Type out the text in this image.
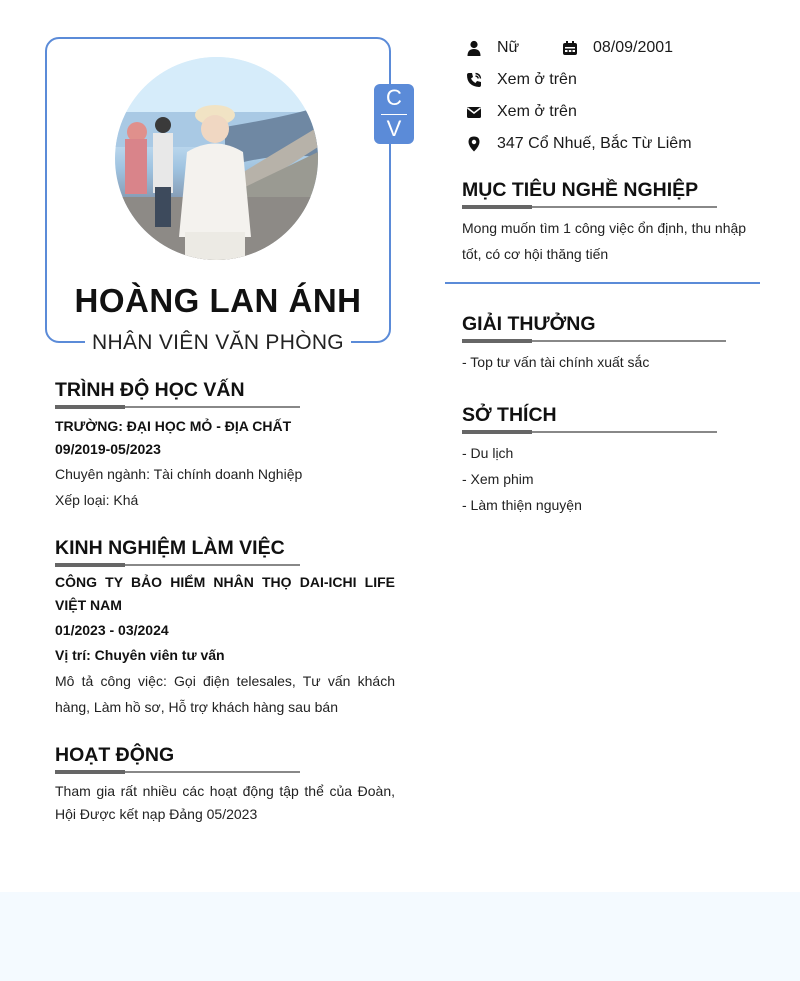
C
V
HOÀNG LAN ÁNH
NHÂN VIÊN VĂN PHÒNG
Nữ	08/09/2001
Xem ở trên
Xem ở trên
347 Cổ Nhuế, Bắc Từ Liêm
TRÌNH ĐỘ HỌC VẤN
TRƯỜNG: ĐẠI HỌC MỎ - ĐỊA CHẤT
09/2019-05/2023
Chuyên ngành: Tài chính doanh Nghiệp
Xếp loại: Khá
KINH NGHIỆM LÀM VIỆC
CÔNG TY BẢO HIỂM NHÂN THỌ DAI-ICHI LIFE VIỆT NAM
01/2023 - 03/2024
Vị trí: Chuyên viên tư vấn
Mô tả công việc: Gọi điện telesales, Tư vấn khách hàng, Làm hồ sơ, Hỗ trợ khách hàng sau bán
HOẠT ĐỘNG
Tham gia rất nhiều các hoạt động tập thể của Đoàn, Hội Được kết nạp Đảng 05/2023
MỤC TIÊU NGHỀ NGHIỆP
Mong muốn tìm 1 công việc ổn định, thu nhập tốt, có cơ hội thăng tiến
GIẢI THƯỞNG
- Top tư vấn tài chính xuất sắc
SỞ THÍCH
- Du lịch
- Xem phim
- Làm thiện nguyện
